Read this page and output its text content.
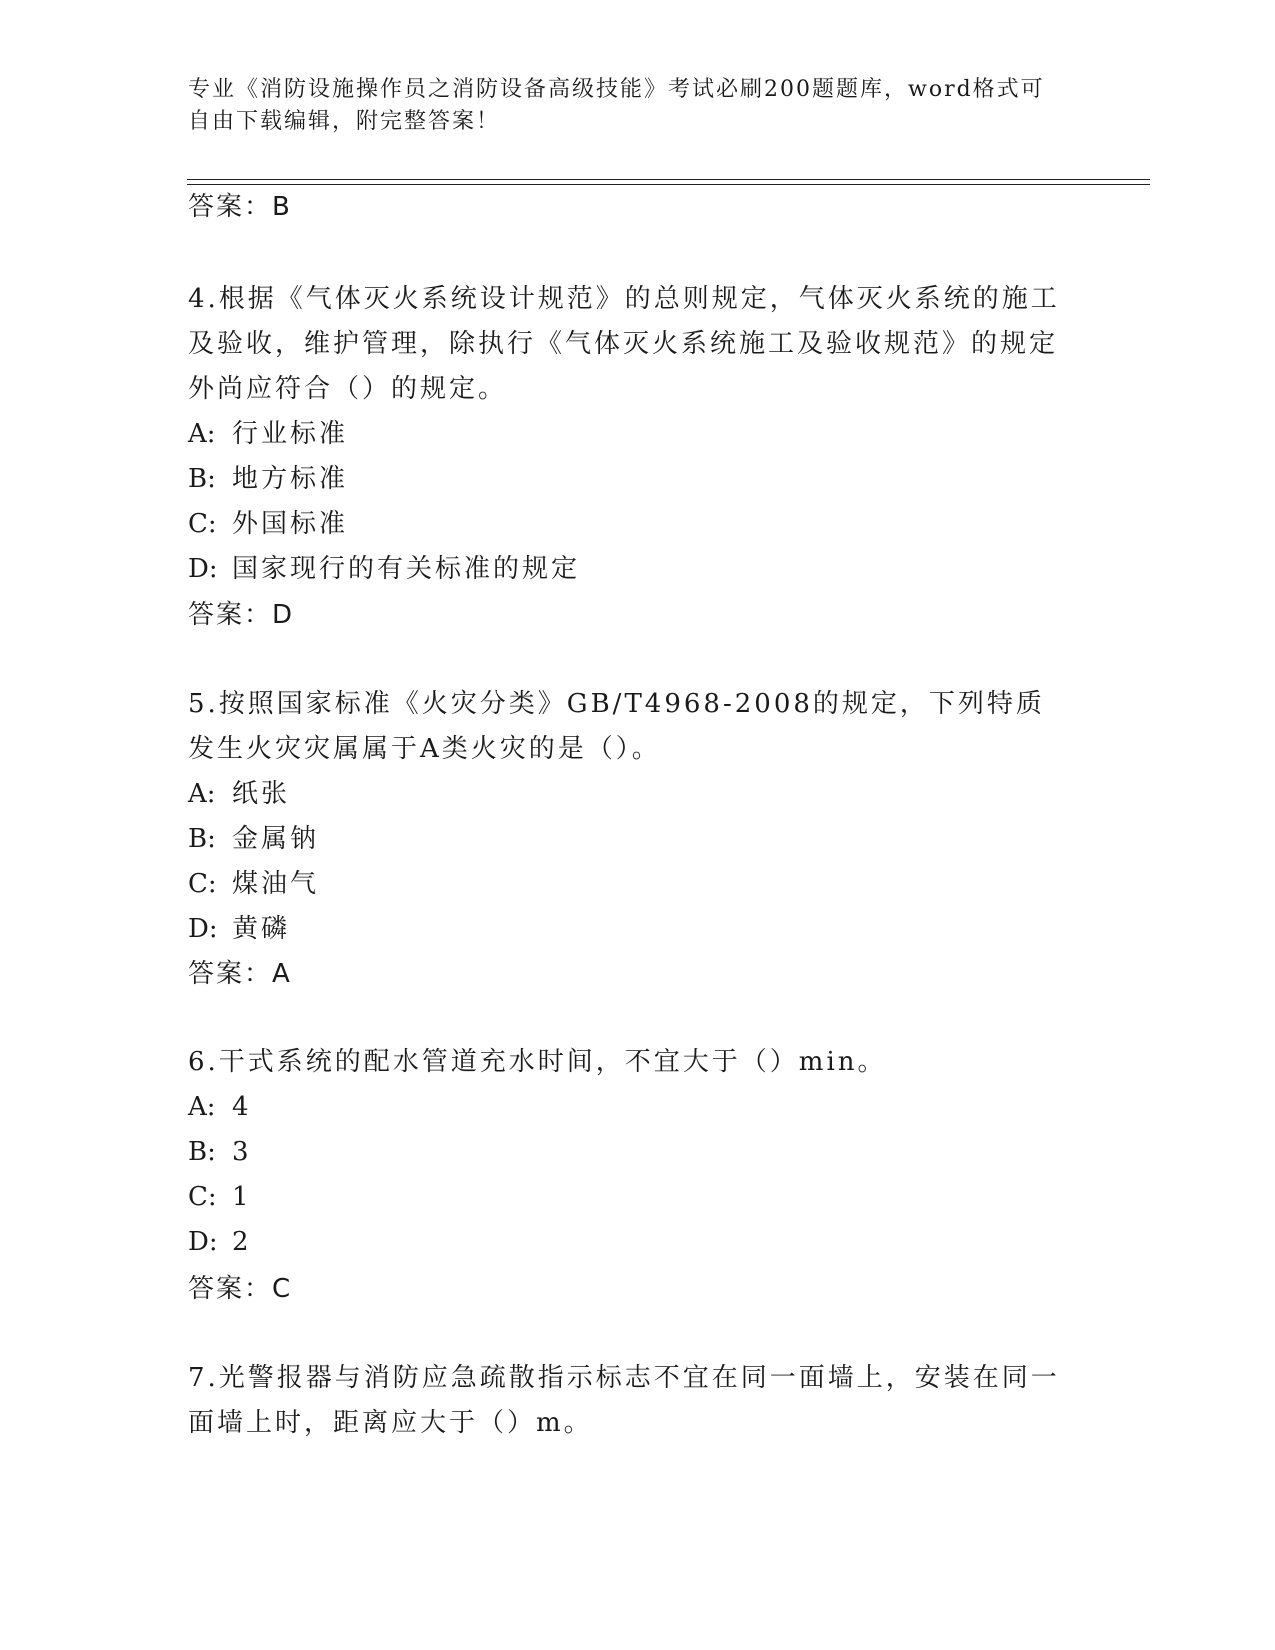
专业《消防设施操作员之消防设备高级技能》考试必刷200题题库，word格式可自由下载编辑，附完整答案！
答案：B

4.根据《气体灭火系统设计规范》的总则规定，气体灭火系统的施工及验收，维护管理，除执行《气体灭火系统施工及验收规范》的规定外尚应符合（）的规定。

A: 行业标准

B: 地方标准

C: 外国标准

D: 国家现行的有关标准的规定

答案：D

5.按照国家标准《火灾分类》GB/T4968-2008的规定，下列特质发生火灾灾属属于A类火灾的是（）。

A: 纸张

B: 金属钠

C: 煤油气

D: 黄磷

答案：A

6.干式系统的配水管道充水时间，不宜大于（）min。

A: 4

B: 3

C: 1

D: 2

答案：C

7.光警报器与消防应急疏散指示标志不宜在同一面墙上，安装在同一面墙上时，距离应大于（）m。
